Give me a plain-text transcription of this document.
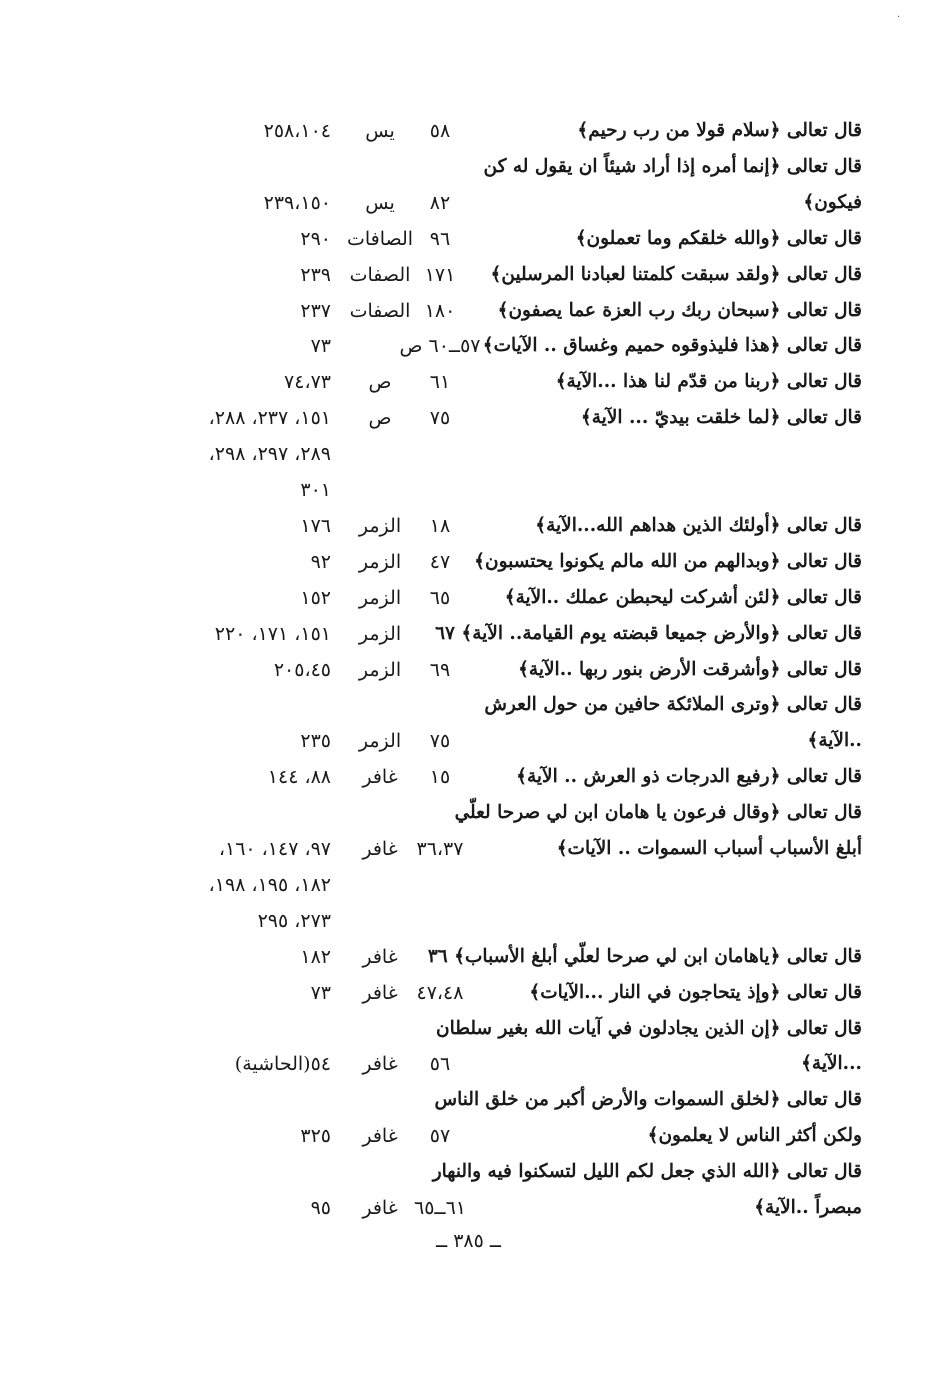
·
قال تعالى ﴿سلام قولا من رب رحيم﴾
٥٨
يس
٢٥٨،١٠٤
قال تعالى ﴿إنما أمره إذا أراد شيئاً ان يقول له كن
فيكون﴾
٨٢
يس
٢٣٩،١٥٠
قال تعالى ﴿والله خلقكم وما تعملون﴾
٩٦
الصافات
٢٩٠
قال تعالى ﴿ولقد سبقت كلمتنا لعبادنا المرسلين﴾
١٧١
الصفات
٢٣٩
قال تعالى ﴿سبحان ربك رب العزة عما يصفون﴾
١٨٠
الصفات
٢٣٧
قال تعالى ﴿هذا فليذوقوه حميم وغساق .. الآيات﴾
٥٧ــ٦٠ ص
٧٣
قال تعالى ﴿ربنا من قدّم لنا هذا ...الآية﴾
٦١
ص
٧٤،٧٣
قال تعالى ﴿لما خلقت بيديّ ... الآية﴾
٧٥
ص
١٥١، ٢٣٧، ٢٨٨،
٢٨٩، ٢٩٧، ٢٩٨،
٣٠١
قال تعالى ﴿أولئك الذين هداهم الله...الآية﴾
١٨
الزمر
١٧٦
قال تعالى ﴿وبدالهم من الله مالم يكونوا يحتسبون﴾
٤٧
الزمر
٩٢
قال تعالى ﴿لئن أشركت ليحبطن عملك ..الآية﴾
٦٥
الزمر
١٥٢
قال تعالى ﴿والأرض جميعا قبضته يوم القيامة.. الآية﴾ ٦٧
الزمر
١٥١، ١٧١، ٢٢٠
قال تعالى ﴿وأشرقت الأرض بنور ربها ..الآية﴾
٦٩
الزمر
٢٠٥،٤٥
قال تعالى ﴿وترى الملائكة حافين من حول العرش
..الآية﴾
٧٥
الزمر
٢٣٥
قال تعالى ﴿رفيع الدرجات ذو العرش .. الآية﴾
١٥
غافر
٨٨، ١٤٤
قال تعالى ﴿وقال فرعون يا هامان ابن لي صرحا لعلّي
أبلغ الأسباب أسباب السموات .. الآيات﴾
٣٦،٣٧
غافر
٩٧، ١٤٧، ١٦٠،
١٨٢، ١٩٥، ١٩٨،
٢٧٣، ٢٩٥
قال تعالى ﴿ياهامان ابن لي صرحا لعلّي أبلغ الأسباب﴾ ٣٦
غافر
١٨٢
قال تعالى ﴿وإذ يتحاجون في النار ...الآيات﴾
٤٧،٤٨
غافر
٧٣
قال تعالى ﴿إن الذين يجادلون في آيات الله بغير سلطان
...الآية﴾
٥٦
غافر
٥٤(الحاشية)
قال تعالى ﴿لخلق السموات والأرض أكبر من خلق الناس
ولكن أكثر الناس لا يعلمون﴾
٥٧
غافر
٣٢٥
قال تعالى ﴿الله الذي جعل لكم الليل لتسكنوا فيه والنهار
مبصراً ..الآية﴾
٦١ــ٦٥
غافر
٩٥
ــ ٣٨٥ ــ
